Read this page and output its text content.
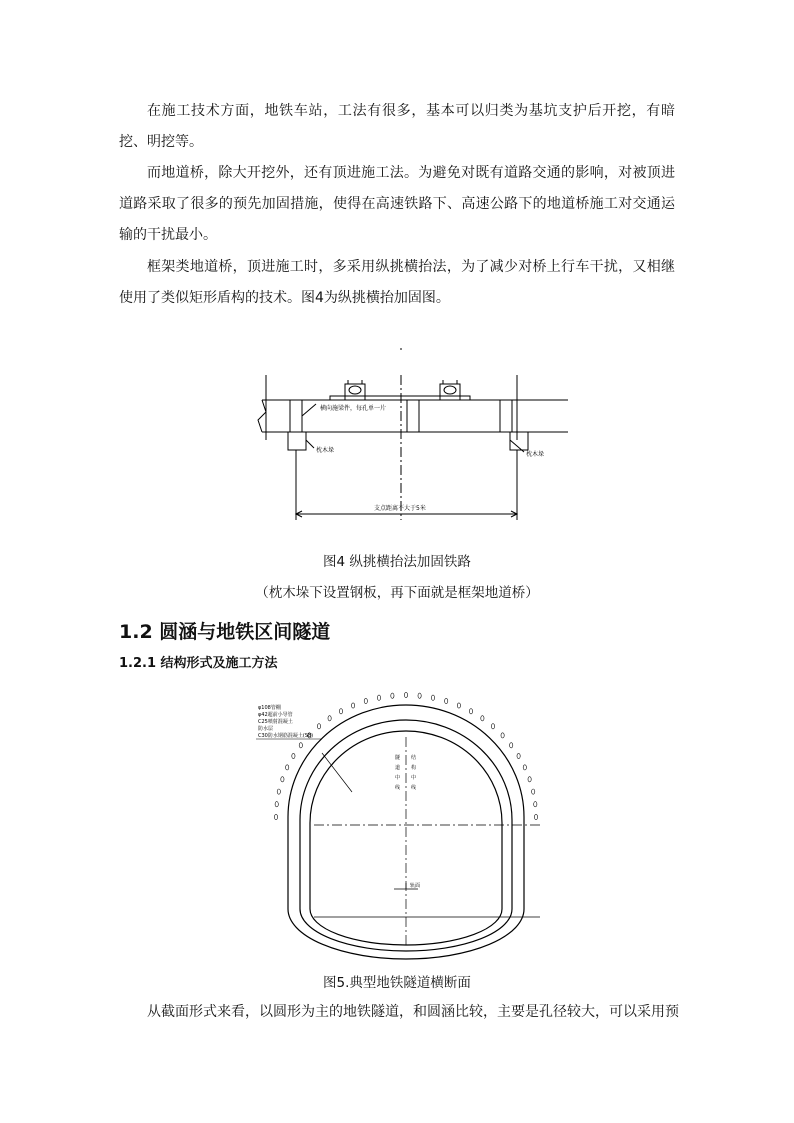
在施工技术方面，地铁车站，工法有很多，基本可以归类为基坑支护后开挖，有暗挖、明挖等。

而地道桥，除大开挖外，还有顶进施工法。为避免对既有道路交通的影响，对被顶进道路采取了很多的预先加固措施，使得在高速铁路下、高速公路下的地道桥施工对交通运输的干扰最小。

框架类地道桥，顶进施工时，多采用纵挑横抬法，为了减少对桥上行车干扰，又相继使用了类似矩形盾构的技术。图4为纵挑横抬加固图。

横向施梁件，每孔单一片
枕木垛
枕木垛
支点距离不大于5米

图4 纵挑横抬法加固铁路

（枕木垛下设置钢板，再下面就是框架地道桥）

1.2 圆涵与地铁区间隧道
1.2.1 结构形式及施工方法
φ108管棚
φ42超前小导管
C25喷射混凝土
防水层
C30防水钢筋混凝土(S8)
隧
道
中
线
结
构
中
线
轨面

图5.典型地铁隧道横断面

从截面形式来看，以圆形为主的地铁隧道，和圆涵比较，主要是孔径较大，可以采用预
